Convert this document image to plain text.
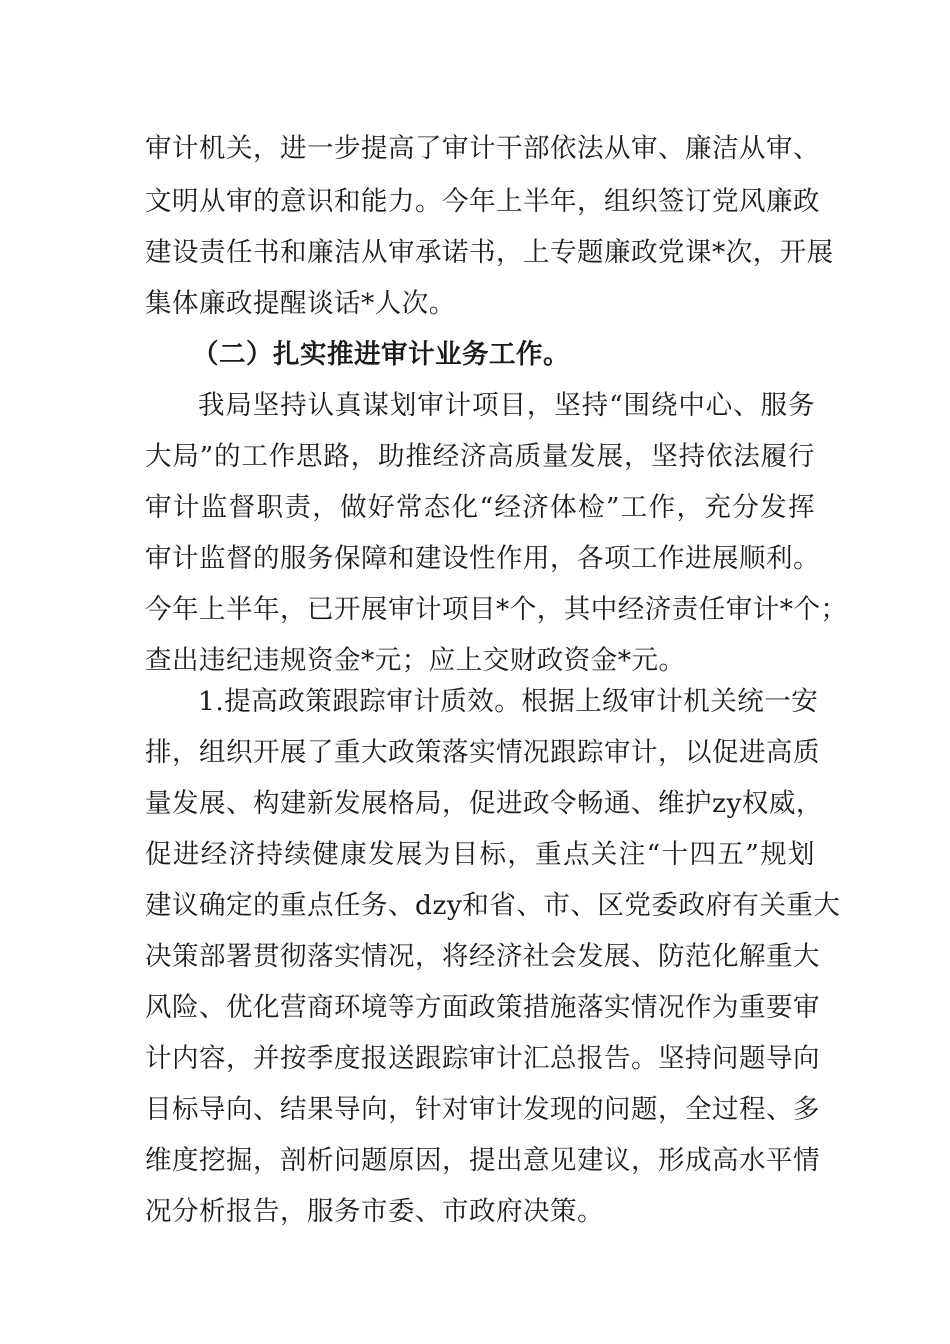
审计机关，进一步提高了审计干部依法从审、廉洁从审、
文明从审的意识和能力。今年上半年，组织签订党风廉政
建设责任书和廉洁从审承诺书，上专题廉政党课*次，开展
集体廉政提醒谈话*人次。
（二）扎实推进审计业务工作。
我局坚持认真谋划审计项目，坚持“围绕中心、服务
大局”的工作思路，助推经济高质量发展，坚持依法履行
审计监督职责，做好常态化“经济体检”工作，充分发挥
审计监督的服务保障和建设性作用，各项工作进展顺利。
今年上半年，已开展审计项目*个，其中经济责任审计*个；
查出违纪违规资金*元；应上交财政资金*元。
1.提高政策跟踪审计质效。根据上级审计机关统一安
排，组织开展了重大政策落实情况跟踪审计，以促进高质
量发展、构建新发展格局，促进政令畅通、维护zy权威，
促进经济持续健康发展为目标，重点关注“十四五”规划
建议确定的重点任务、dzy和省、市、区党委政府有关重大
决策部署贯彻落实情况，将经济社会发展、防范化解重大
风险、优化营商环境等方面政策措施落实情况作为重要审
计内容，并按季度报送跟踪审计汇总报告。坚持问题导向
目标导向、结果导向，针对审计发现的问题，全过程、多
维度挖掘，剖析问题原因，提出意见建议，形成高水平情
况分析报告，服务市委、市政府决策。
